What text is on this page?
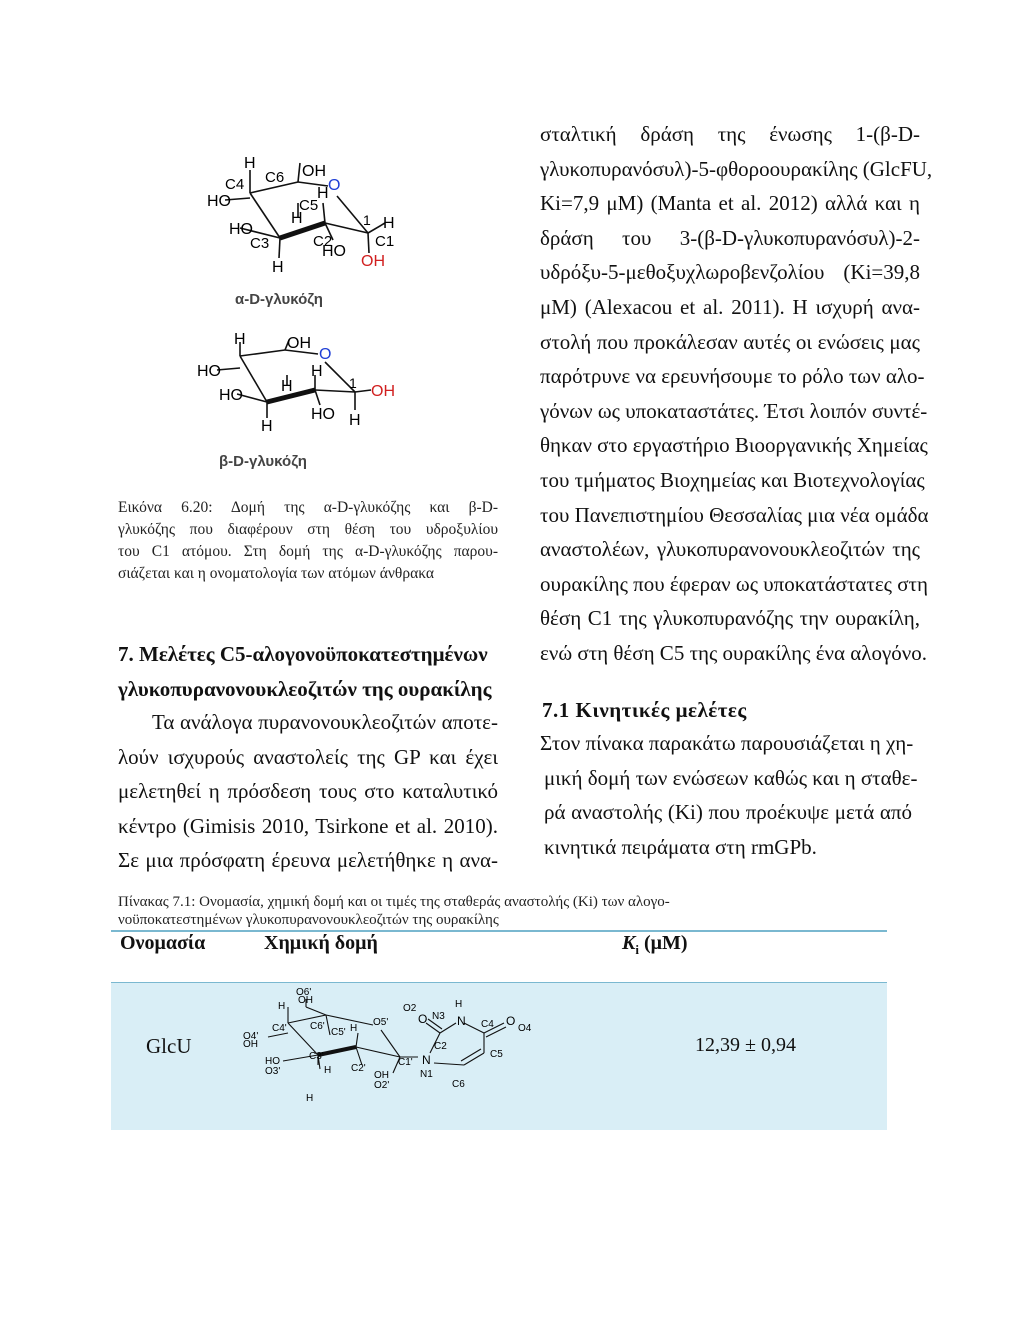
H	OH
O
HO
HO
H
H
HO
H
1 H
OH
C4 C6
C5
C2
C3	C1
α-D-γλυκόζη
H	OH
O
HO
HO
H
H
HO
H	H
1 OH
β-D-γλυκόζη
Εικόνα 6.20: Δομή της α-D-γλυκόζης και β-D-
γλυκόζης που διαφέρουν στη θέση του υδροξυλίου
του C1 ατόμου. Στη δομή της α-D-γλυκόζης παρου-
σιάζεται και η ονοματολογία των ατόμων άνθρακα
7. Μελέτες C5-αλογονοϋποκατεστημένων
γλυκοπυρανονουκλεοζιτών της ουρακίλης
Τα ανάλογα πυρανονουκλεοζιτών αποτε-
λούν ισχυρούς αναστολείς της GP και έχει
μελετηθεί η πρόσδεση τους στο καταλυτικό
κέντρο (Gimisis 2010, Tsirkone et al. 2010).
Σε μια πρόσφατη έρευνα μελετήθηκε η ανα-
σταλτική δράση της ένωσης 1-(β-D-
γλυκοπυρανόσυλ)-5-φθοροουρακίλης (GlcFU,
Ki=7,9 μM) (Manta et al. 2012) αλλά και η
δράση του 3-(β-D-γλυκοπυρανόσυλ)-2-
υδρόξυ-5-μεθοξυχλωροβενζολίου (Ki=39,8
μM) (Alexacou et al. 2011). Η ισχυρή ανα-
στολή που προκάλεσαν αυτές οι ενώσεις μας
παρότρυνε να ερευνήσουμε το ρόλο των αλο-
γόνων ως υποκαταστάτες. Έτσι λοιπόν συντέ-
θηκαν στο εργαστήριο Βιοοργανικής Χημείας
του τμήματος Βιοχημείας και Βιοτεχνολογίας
του Πανεπιστημίου Θεσσαλίας μια νέα ομάδα
αναστολέων, γλυκοπυρανονουκλεοζιτών της
ουρακίλης που έφεραν ως υποκατάστατες στη
θέση C1 της γλυκοπυρανόζης την ουρακίλη,
ενώ στη θέση C5 της ουρακίλης ένα αλογόνο.
7.1 Κινητικές μελέτες
Στον πίνακα παρακάτω παρουσιάζεται η χη-
μική δομή των ενώσεων καθώς και η σταθε-
ρά αναστολής (Ki) που προέκυψε μετά από
κινητικά πειράματα στη rmGPb.
Πίνακας 7.1: Ονομασία, χημική δομή και οι τιμές της σταθεράς αναστολής (Ki) των αλογο-
νοϋποκατεστημένων γλυκοπυρανονουκλεοζιτών της ουρακίλης
Ονομασία	Χημική δομή	$K_i$ (μM)
GlcU	12,39 ± 0,94
O6'
OH
H
C6'
C4'	C5'
O5'
O4'
OH
HO
O3'
C3'
H
H
H
C2'
OH
O2'
C1'
O2
O
C2
N3
H
N C4 O
O4
C5
N
N1
C6
